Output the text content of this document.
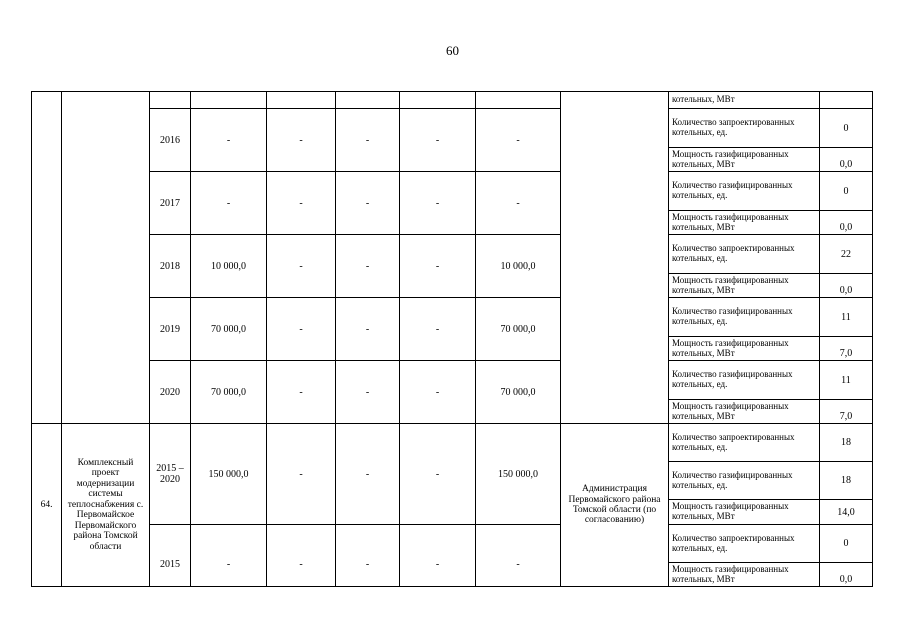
60
									котельных, МВт	
		2016	-	-	-	-	-		Количество запроектированных котельных, ед.	0
									Мощность газифицированных котельных, МВт	0,0
		2017	-	-	-	-	-		Количество газифицированных котельных, ед.	0
									Мощность газифицированных котельных, МВт	0,0
		2018	10 000,0	-	-	-	10 000,0		Количество запроектированных котельных, ед.	22
									Мощность газифицированных котельных, МВт	0,0
		2019	70 000,0	-	-	-	70 000,0		Количество газифицированных котельных, ед.	11
									Мощность газифицированных котельных, МВт	7,0
		2020	70 000,0	-	-	-	70 000,0		Количество газифицированных котельных, ед.	11
									Мощность газифицированных котельных, МВт	7,0
64.	Комплексный проект модернизации системы теплоснабжения с. Первомайское Первомайского района Томской области	2015 – 2020	150 000,0	-	-	-	150 000,0	Администрация Первомайского района Томской области (по согласованию)	Количество запроектированных котельных, ед.	18
									Количество газифицированных котельных, ед.	18
									Мощность газифицированных котельных, МВт	14,0
		2015	-	-	-	-	-		Количество запроектированных котельных, ед.	0
									Мощность газифицированных котельных, МВт	0,0
